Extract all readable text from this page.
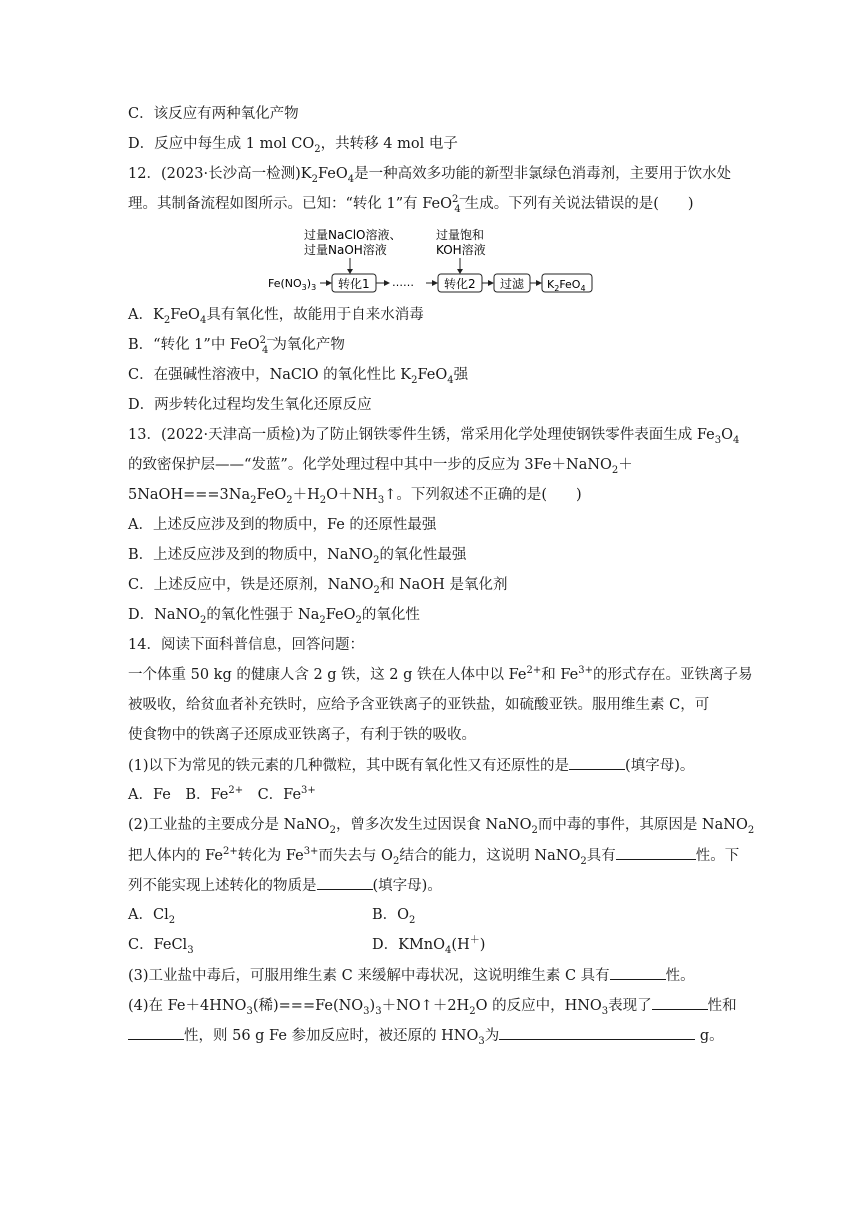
C．该反应有两种氧化产物
D．反应中每生成 1 mol $CO_2$，共转移 4 mol 电子
12．(2023·长沙高一检测)$K_2FeO_4$是一种高效多功能的新型非氯绿色消毒剂，主要用于饮水处
理。其制备流程如图所示。已知：“转化 1”有 FeO$^{2-}_4$ 生成。下列有关说法错误的是(　　)
过量NaClO溶液、
过量NaOH溶液
过量饱和
KOH溶液
$Fe(NO_3)_3$ 转化1 ……	转化2 过滤 $K_2FeO_4$
A．$K_2FeO_4$具有氧化性，故能用于自来水消毒
B．“转化 1”中 FeO$^{2-}_4$ 为氧化产物
C．在强碱性溶液中，NaClO 的氧化性比 $K_2FeO_4$强
D．两步转化过程均发生氧化还原反应
13．(2022·天津高一质检)为了防止钢铁零件生锈，常采用化学处理使钢铁零件表面生成 $Fe_3O_4$
的致密保护层——“发蓝”。化学处理过程中其中一步的反应为 3Fe＋NaNO$_2$＋
$5NaOH===3Na_2FeO_2+H_2O+NH_3↑$。下列叙述不正确的是(　　)
A．上述反应涉及到的物质中，Fe 的还原性最强
B．上述反应涉及到的物质中，NaNO$_2$的氧化性最强
C．上述反应中，铁是还原剂，NaNO$_2$和 NaOH 是氧化剂
D．NaNO$_2$的氧化性强于 $Na_2FeO_2$的氧化性
14．阅读下面科普信息，回答问题：
一个体重 50 kg 的健康人含 2 g 铁，这 2 g 铁在人体中以 $Fe^{2+}$和 $Fe^{3+}$的形式存在。亚铁离子易
被吸收，给贫血者补充铁时，应给予含亚铁离子的亚铁盐，如硫酸亚铁。服用维生素 C，可
使食物中的铁离子还原成亚铁离子，有利于铁的吸收。
(1)以下为常见的铁元素的几种微粒，其中既有氧化性又有还原性的是	(填字母)。
A．Fe　B．$Fe^{2+}$　C．$Fe^{3+}$
(2)工业盐的主要成分是 NaNO$_2$，曾多次发生过因误食 NaNO$_2$而中毒的事件，其原因是 NaNO$_2$
把人体内的 $Fe^{2+}$转化为 $Fe^{3+}$而失去与 $O_2$结合的能力，这说明 NaNO$_2$具有	性。下
列不能实现上述转化的物质是	(填字母)。
A．$Cl_2$	B．$O_2$
C．FeCl$_3$	D．KMnO$_4$(H＋)
(3)工业盐中毒后，可服用维生素 C 来缓解中毒状况，这说明维生素 C 具有	性。
(4)在 $Fe+4HNO_3$(稀)$===Fe(NO_3)_3+NO↑+2H_2O$ 的反应中，$HNO_3$表现了	性和
性，则 56 g Fe 参加反应时，被还原的 $HNO_3$为	g。
